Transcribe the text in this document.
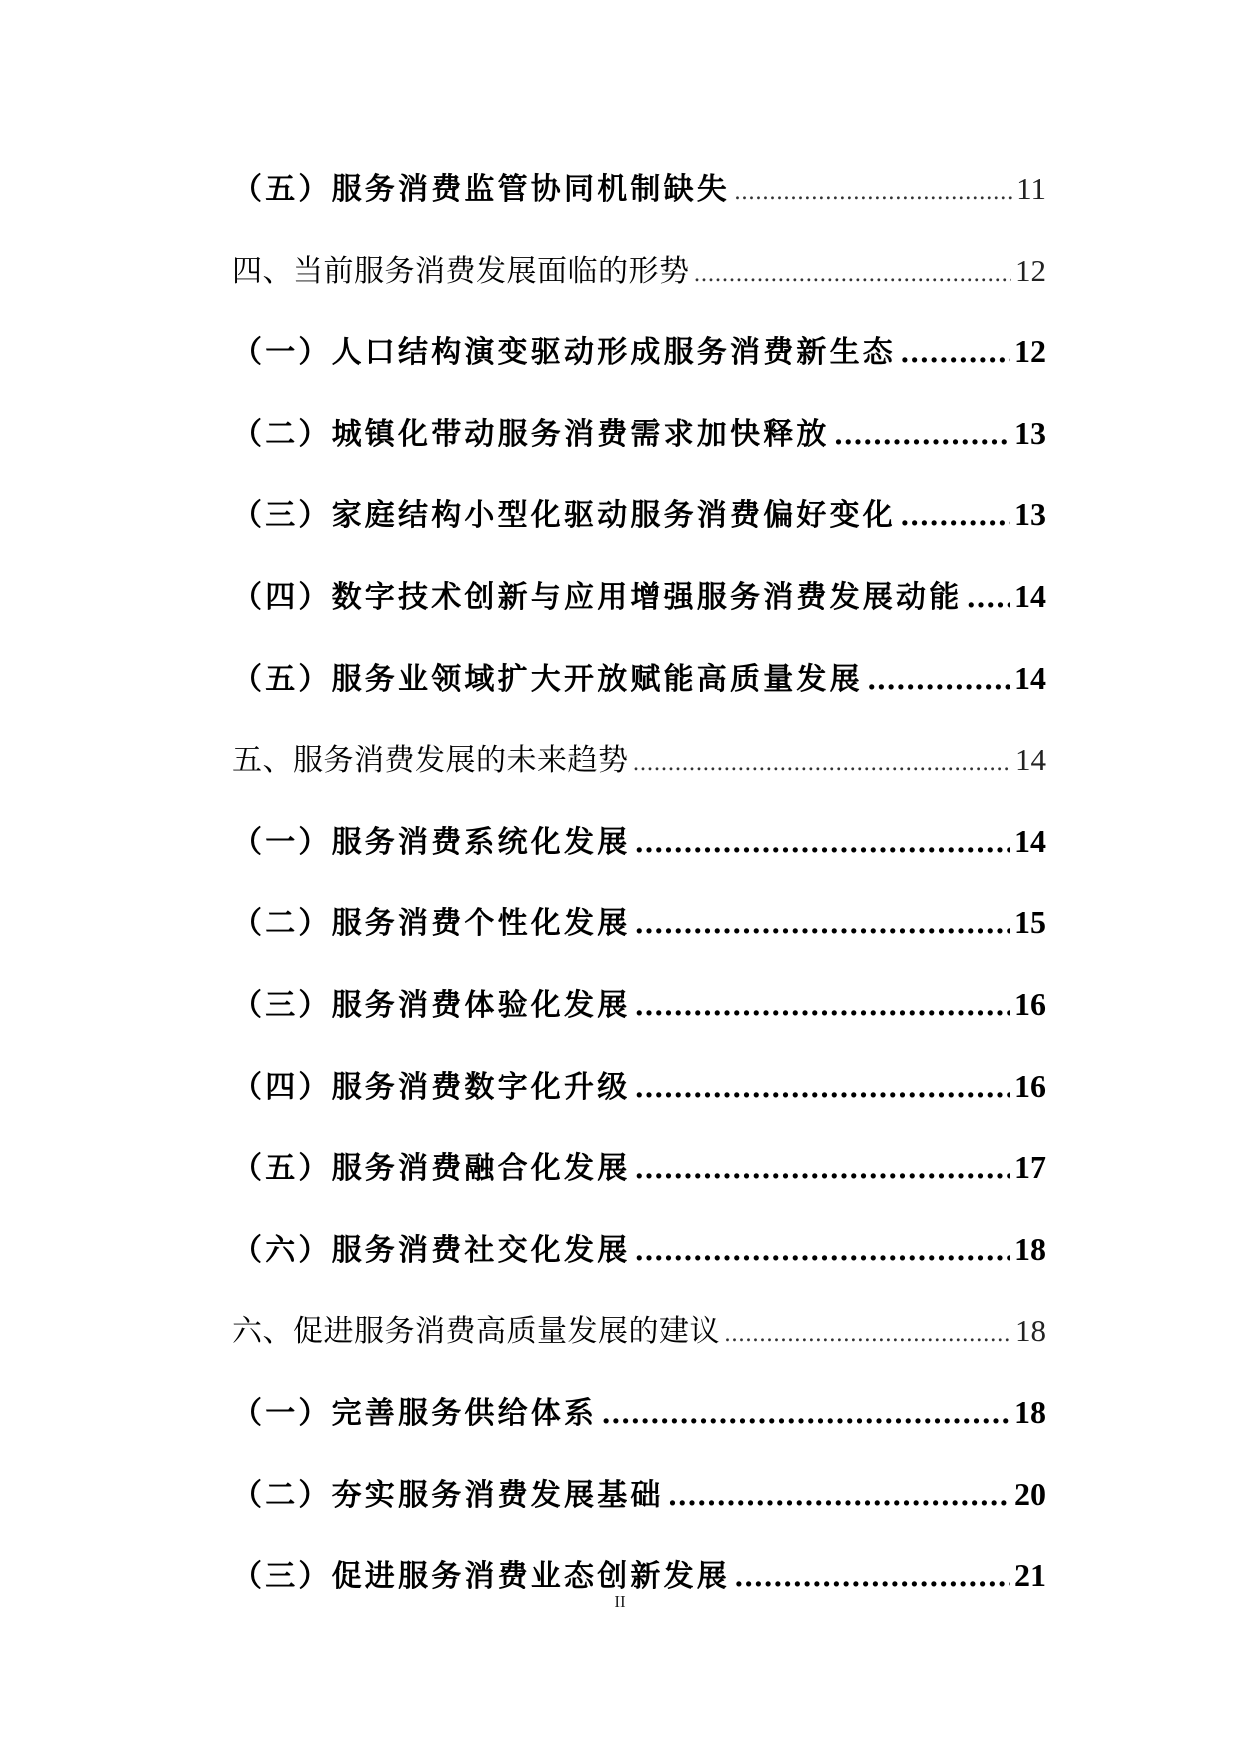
（五）服务消费监管协同机制缺失 .....	11
四、当前服务消费发展面临的形势 .....	12
（一）人口结构演变驱动形成服务消费新生态 .....	12
（二）城镇化带动服务消费需求加快释放 .....	13
（三）家庭结构小型化驱动服务消费偏好变化 .....	13
（四）数字技术创新与应用增强服务消费发展动能 ..... 14
（五）服务业领域扩大开放赋能高质量发展 .....	14
五、服务消费发展的未来趋势 .....	14
（一）服务消费系统化发展 .....	14
（二）服务消费个性化发展 .....	15
（三）服务消费体验化发展 .....	16
（四）服务消费数字化升级 .....	16
（五）服务消费融合化发展 .....	17
（六）服务消费社交化发展 .....	18
六、促进服务消费高质量发展的建议 .....	18
（一）完善服务供给体系 .....	18
（二）夯实服务消费发展基础 .....	20
（三）促进服务消费业态创新发展 .....	21
II
